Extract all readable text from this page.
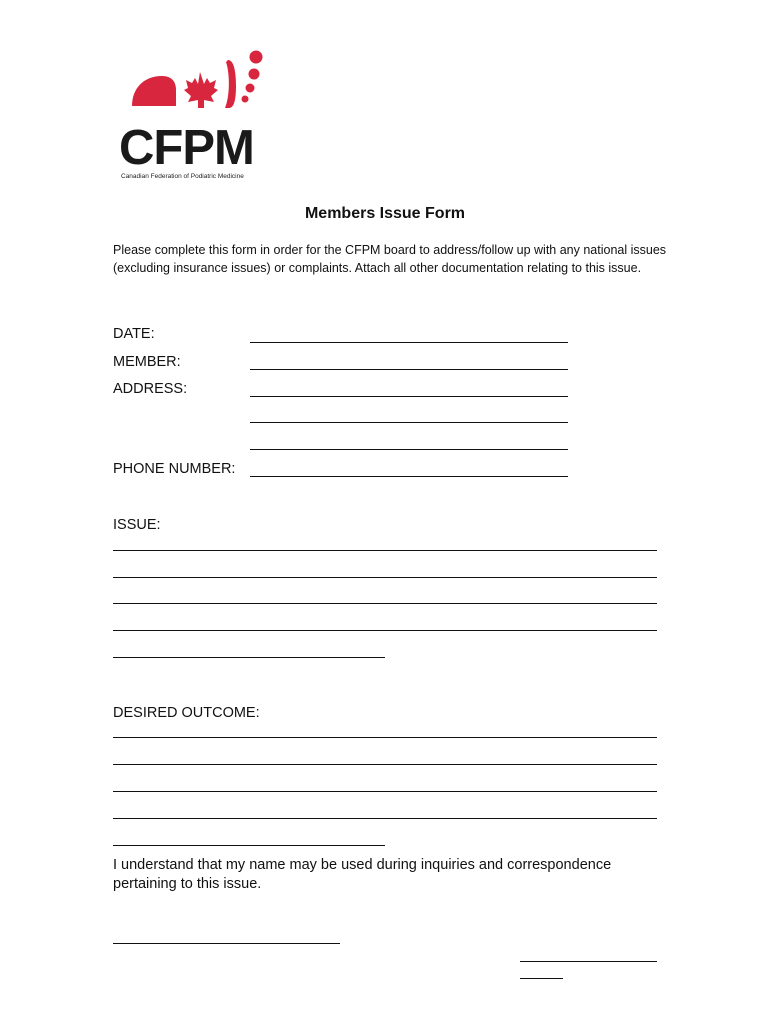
CFPM
Canadian Federation of Podiatric Medicine
Members Issue Form
Please complete this form in order for the CFPM board to address/follow up with any national issues (excluding insurance issues) or complaints. Attach all other documentation relating to this issue.
DATE:
MEMBER:
ADDRESS:
PHONE NUMBER:
ISSUE:
DESIRED OUTCOME:
I understand that my name may be used during inquiries and correspondence pertaining to this issue.
